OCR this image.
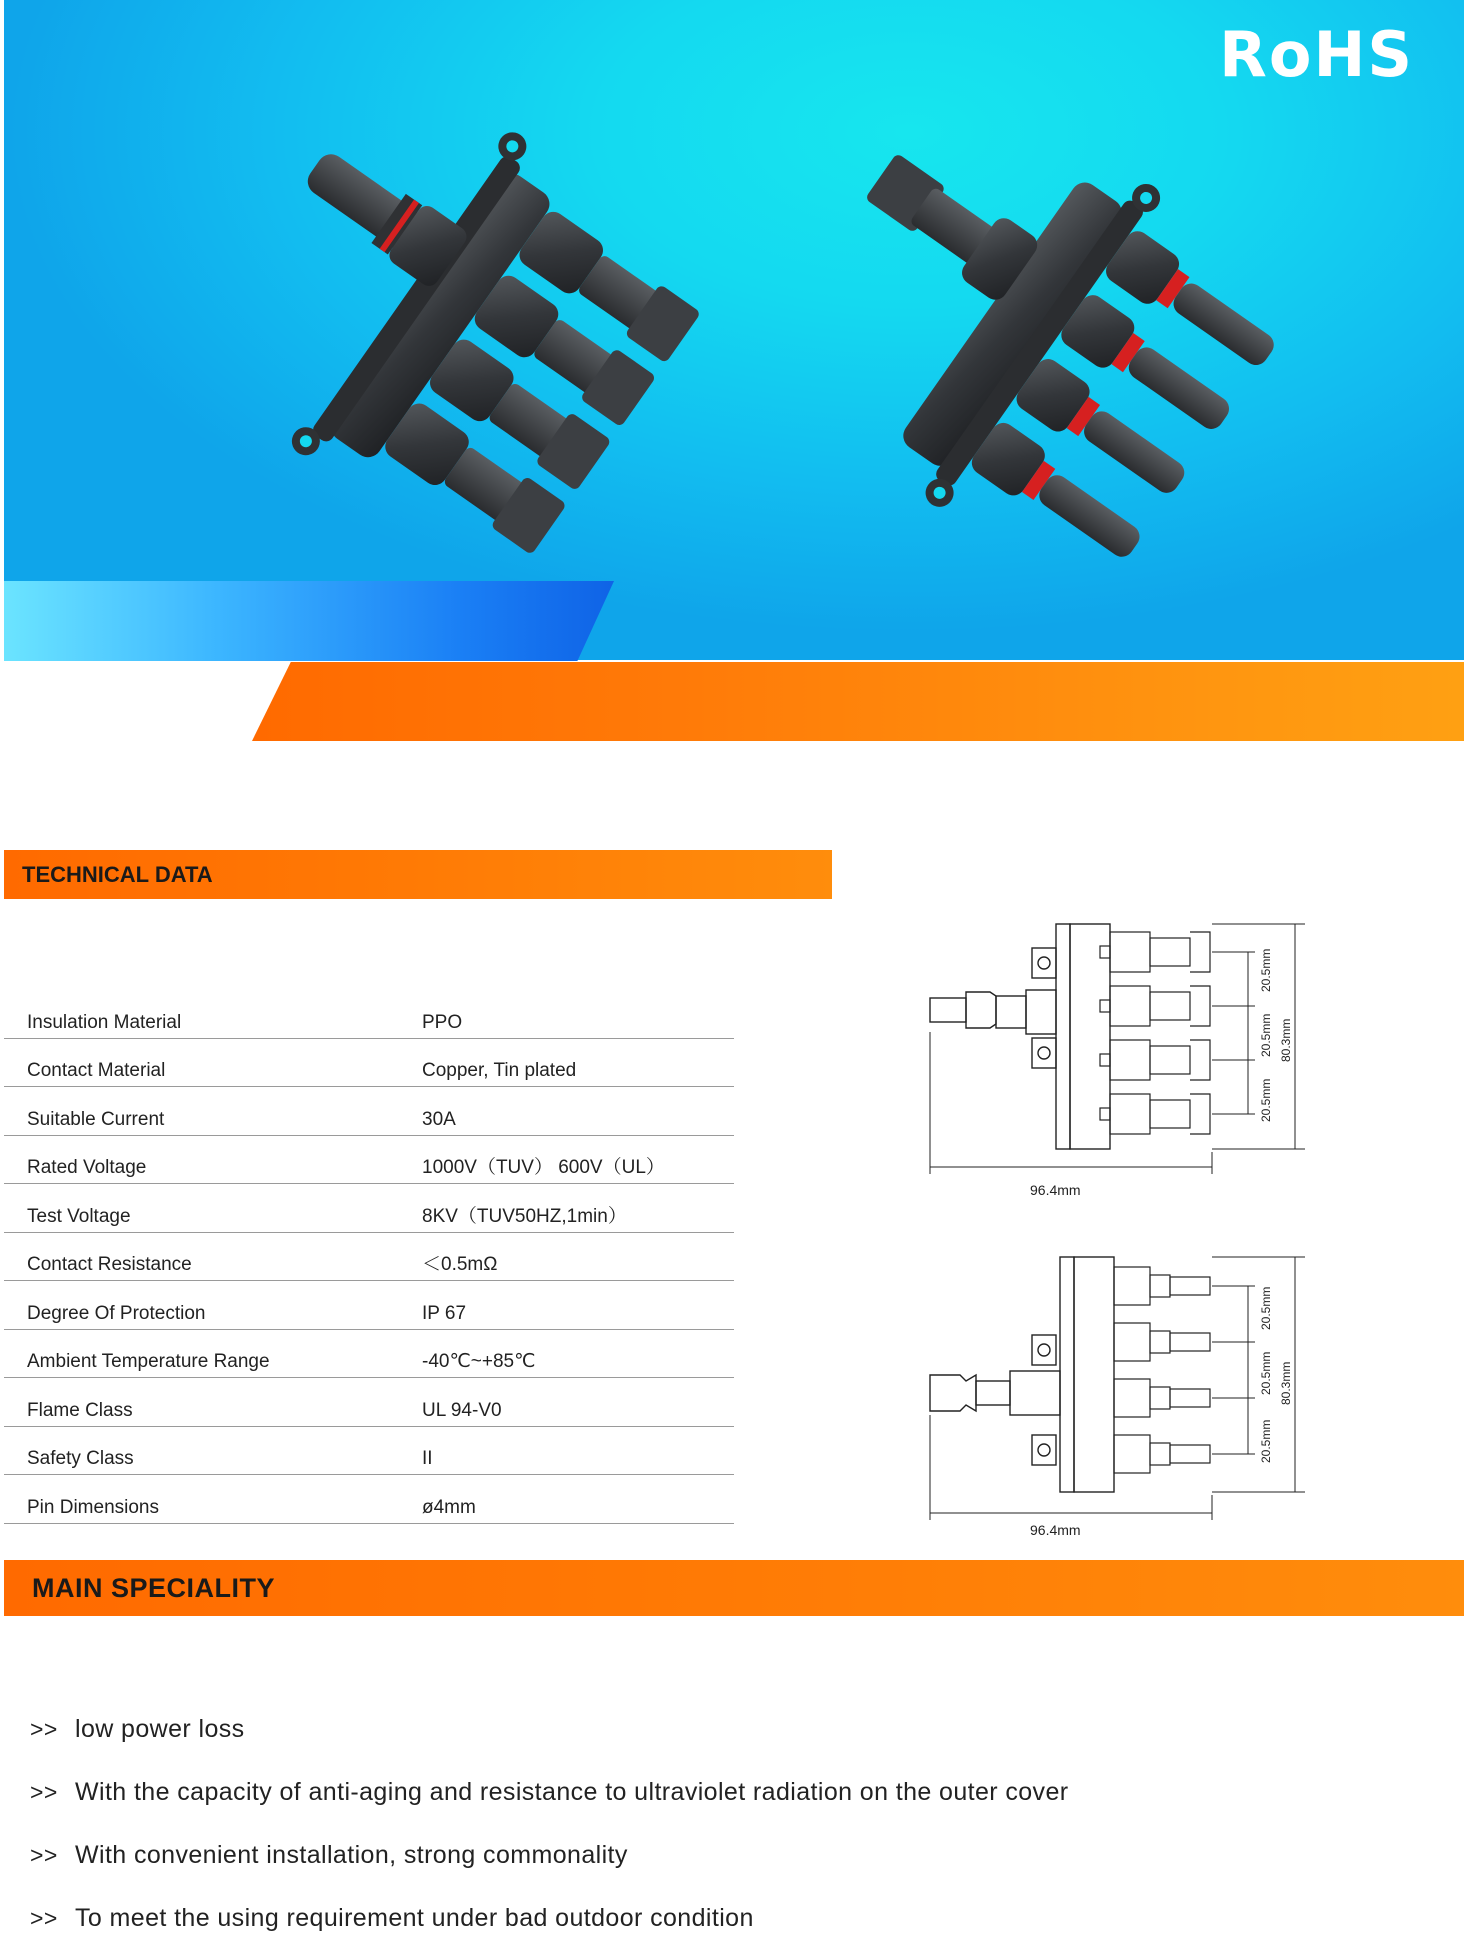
RoHS
TECHNICAL DATA
Insulation Material	PPO
Contact Material	Copper, Tin plated
Suitable Current	30A
Rated Voltage	1000V（TUV） 600V（UL）
Test Voltage	8KV（TUV50HZ,1min）
Contact Resistance	＜0.5mΩ
Degree Of Protection	IP 67
Ambient Temperature Range	-40℃~+85℃
Flame Class	UL 94-V0
Safety Class	II
Pin Dimensions	ø4mm
96.4mm
80.3mm
20.5mm
20.5mm
20.5mm
96.4mm
80.3mm
20.5mm
20.5mm
20.5mm
MAIN SPECIALITY
>> low power loss
>> With the capacity of anti-aging and resistance to ultraviolet radiation on the outer cover
>> With convenient installation, strong commonality
>> To meet the using requirement under bad outdoor condition
